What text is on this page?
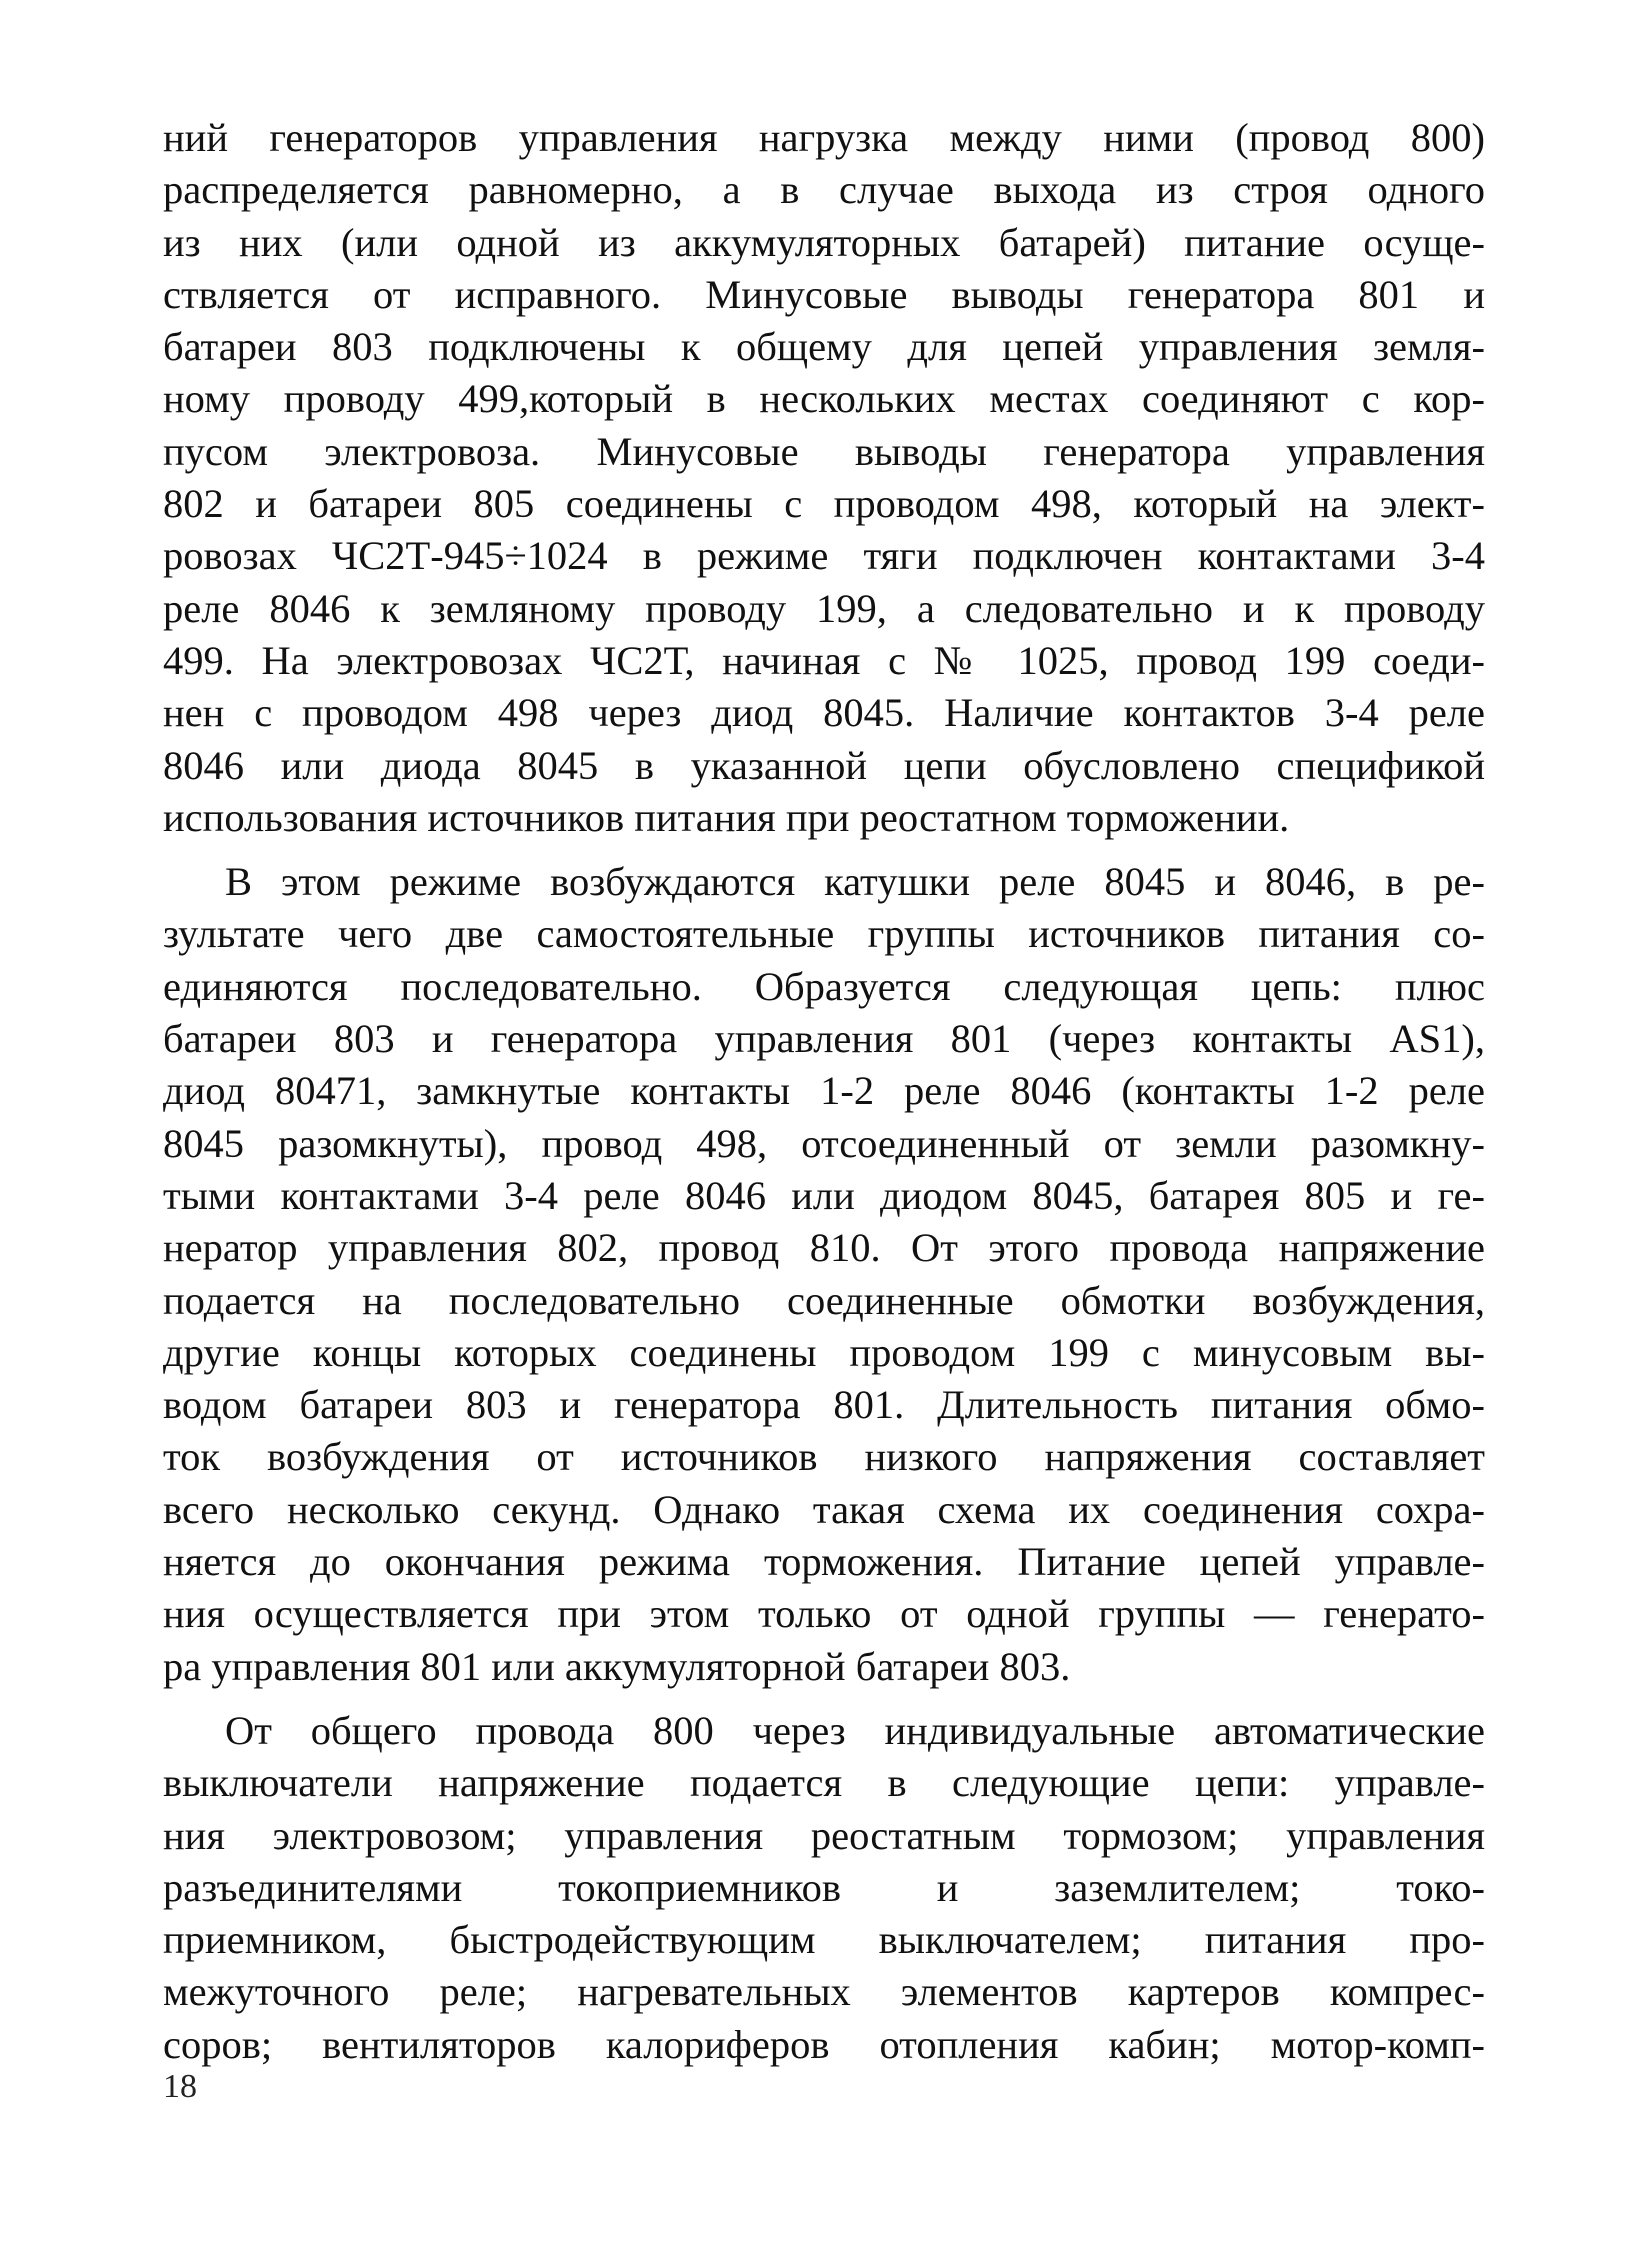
ний генераторов управления нагрузка между ними (провод 800)
распределяется равномерно, а в случае выхода из строя одного
из них (или одной из аккумуляторных батарей) питание осуще-
ствляется от исправного. Минусовые выводы генератора 801 и
батареи 803 подключены к общему для цепей управления земля-
ному проводу 499,который в нескольких местах соединяют с кор-
пусом электровоза. Минусовые выводы генератора управления
802 и батареи 805 соединены с проводом 498, который на элект-
ровозах ЧС2Т-945÷1024 в режиме тяги подключен контактами 3-4
реле 8046 к земляному проводу 199, а следовательно и к проводу
499. На электровозах ЧС2Т, начиная с № 1025, провод 199 соеди-
нен с проводом 498 через диод 8045. Наличие контактов 3-4 реле
8046 или диода 8045 в указанной цепи обусловлено спецификой
использования источников питания при реостатном торможении.
В этом режиме возбуждаются катушки реле 8045 и 8046, в ре-
зультате чего две самостоятельные группы источников питания со-
единяются последовательно. Образуется следующая цепь: плюс
батареи 803 и генератора управления 801 (через контакты AS1),
диод 80471, замкнутые контакты 1-2 реле 8046 (контакты 1-2 реле
8045 разомкнуты), провод 498, отсоединенный от земли разомкну-
тыми контактами 3-4 реле 8046 или диодом 8045, батарея 805 и ге-
нератор управления 802, провод 810. От этого провода напряжение
подается на последовательно соединенные обмотки возбуждения,
другие концы которых соединены проводом 199 с минусовым вы-
водом батареи 803 и генератора 801. Длительность питания обмо-
ток возбуждения от источников низкого напряжения составляет
всего несколько секунд. Однако такая схема их соединения сохра-
няется до окончания режима торможения. Питание цепей управле-
ния осуществляется при этом только от одной группы — генерато-
ра управления 801 или аккумуляторной батареи 803.
От общего провода 800 через индивидуальные автоматические
выключатели напряжение подается в следующие цепи: управле-
ния электровозом; управления реостатным тормозом; управления
разъединителями токоприемников и заземлителем; токо-
приемником, быстродействующим выключателем; питания про-
межуточного реле; нагревательных элементов картеров компрес-
соров; вентиляторов калориферов отопления кабин; мотор-комп-
18
